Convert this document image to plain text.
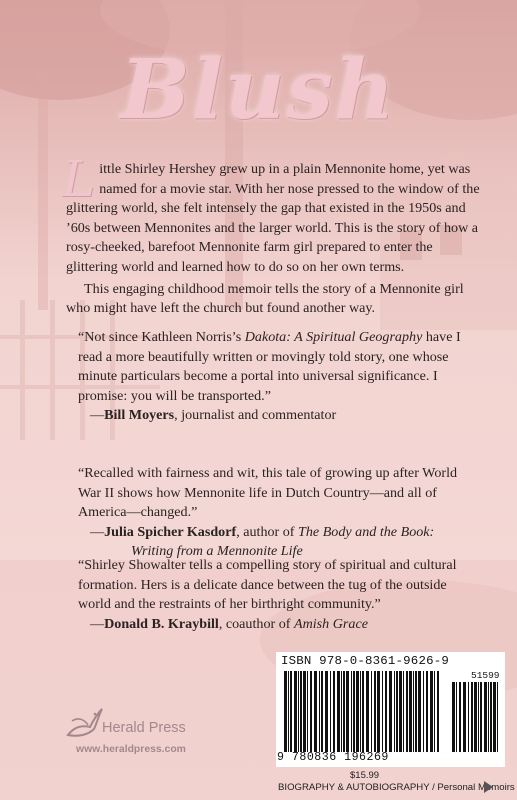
Blush
L ittle Shirley Hershey grew up in a plain Mennonite home, yet was named for a movie star. With her nose pressed to the window of the glittering world, she felt intensely the gap that existed in the 1950s and ’60s between Mennonites and the larger world. This is the story of how a rosy-cheeked, barefoot Mennonite farm girl prepared to enter the glittering world and learned how to do so on her own terms.

This engaging childhood memoir tells the story of a Mennonite girl who might have left the church but found another way.

“Not since Kathleen Norris’s Dakota: A Spiritual Geography have I read a more beautifully written or movingly told story, one whose minute particulars become a portal into universal significance. I promise: you will be transported.”

—Bill Moyers, journalist and commentator

“Recalled with fairness and wit, this tale of growing up after World War II shows how Mennonite life in Dutch Country—and all of America—changed.”

—Julia Spicher Kasdorf, author of The Body and the Book:

Writing from a Mennonite Life

“Shirley Showalter tells a compelling story of spiritual and cultural formation. Hers is a delicate dance between the tug of the outside world and the restraints of her birthright community.”

—Donald B. Kraybill, coauthor of Amish Grace

Herald Press
www.heraldpress.com
ISBN 978-0-8361-9626-9
51599
9 780836 196269
$15.99
BIOGRAPHY & AUTOBIOGRAPHY / Personal Memoirs
